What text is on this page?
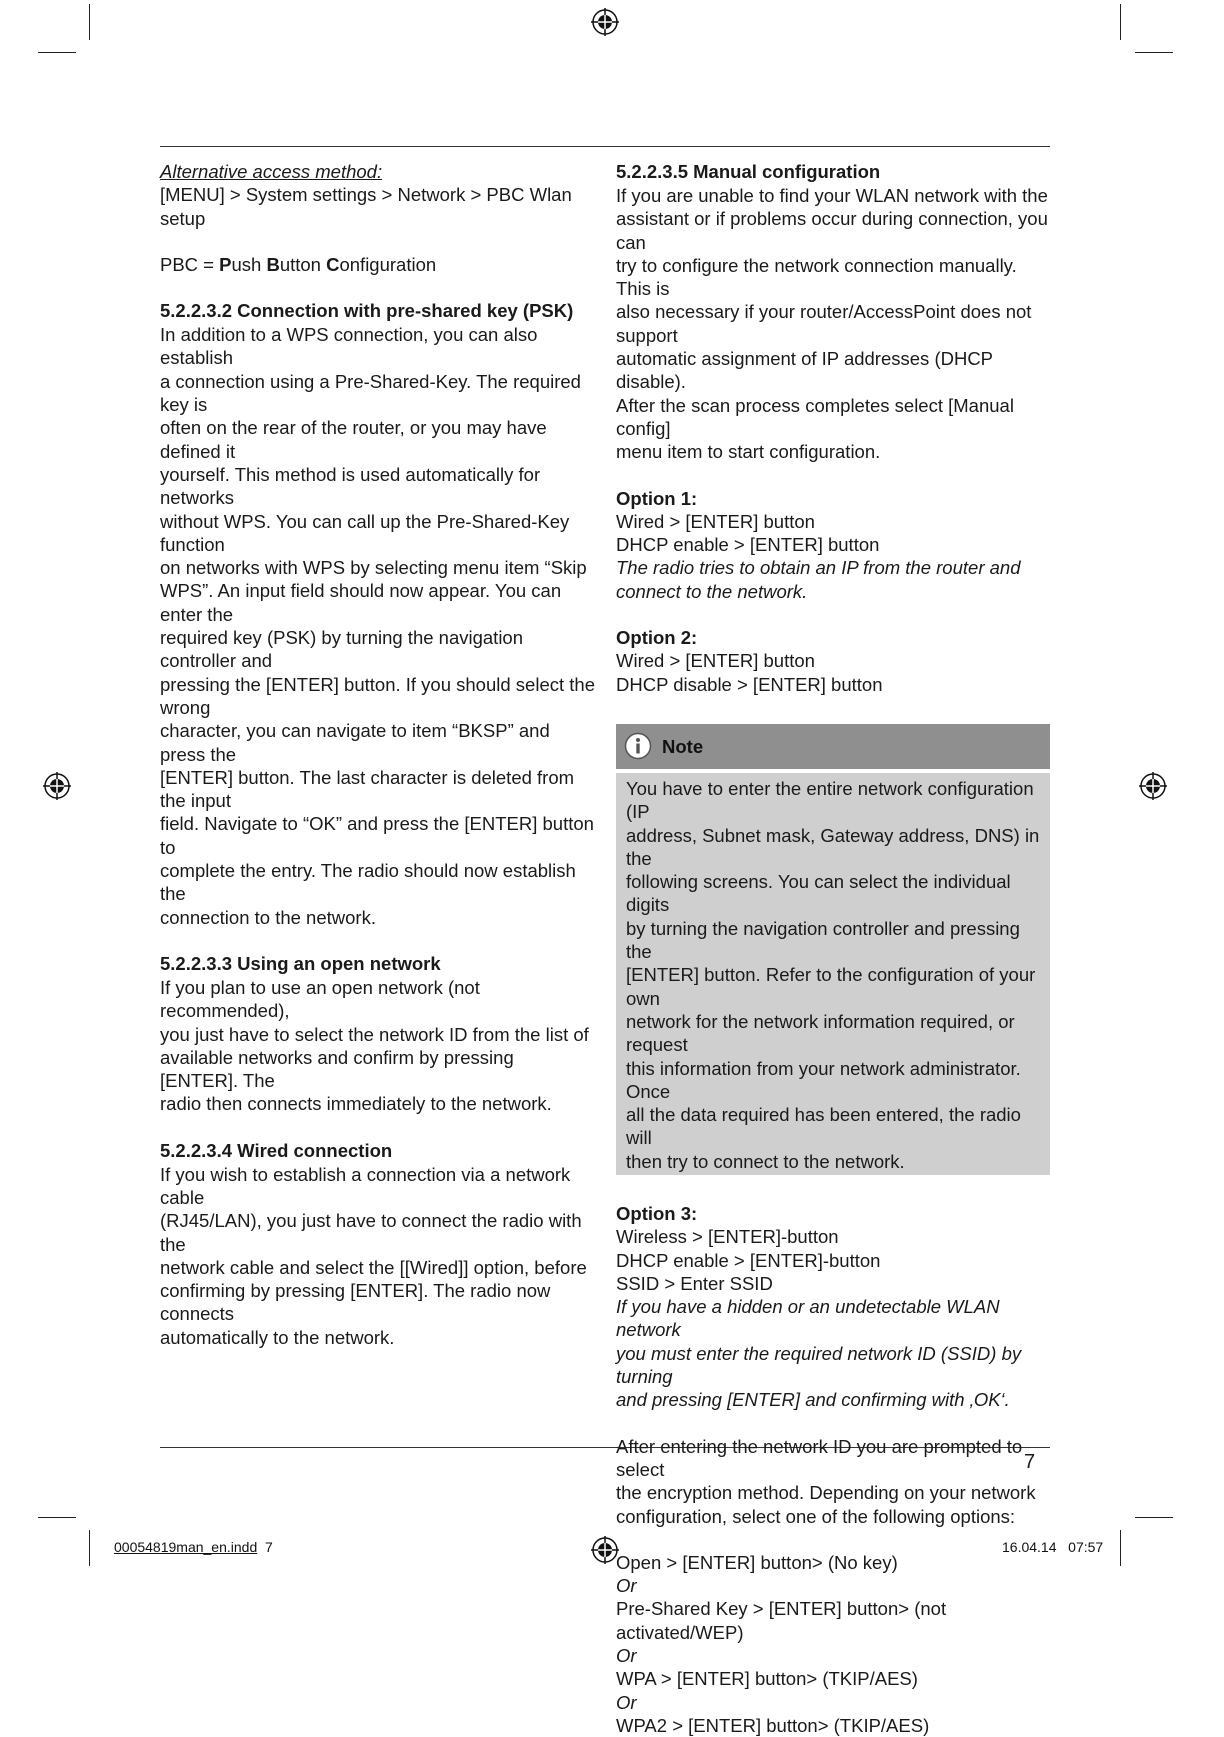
Alternative access method:

[MENU] > System settings > Network > PBC Wlan setup

PBC = Push Button Configuration

5.2.2.3.2 Connection with pre-shared key (PSK)

In addition to a WPS connection, you can also establish

a connection using a Pre-Shared-Key. The required key is

often on the rear of the router, or you may have defined it

yourself. This method is used automatically for networks

without WPS. You can call up the Pre-Shared-Key function

on networks with WPS by selecting menu item “Skip

WPS”. An input field should now appear. You can enter the

required key (PSK) by turning the navigation controller and

pressing the [ENTER] button. If you should select the wrong

character, you can navigate to item “BKSP” and press the

[ENTER] button. The last character is deleted from the input

field. Navigate to “OK” and press the [ENTER] button to

complete the entry. The radio should now establish the

connection to the network.

5.2.2.3.3 Using an open network

If you plan to use an open network (not recommended),

you just have to select the network ID from the list of

available networks and confirm by pressing [ENTER]. The

radio then connects immediately to the network.

5.2.2.3.4 Wired connection

If you wish to establish a connection via a network cable

(RJ45/LAN), you just have to connect the radio with the

network cable and select the [[Wired]] option, before

confirming by pressing [ENTER]. The radio now connects

automatically to the network.

5.2.2.3.5 Manual configuration

If you are unable to find your WLAN network with the

assistant or if problems occur during connection, you can

try to configure the network connection manually. This is

also necessary if your router/AccessPoint does not support

automatic assignment of IP addresses (DHCP disable).

After the scan process completes select [Manual config]

menu item to start configuration.

Option 1:

Wired > [ENTER] button

DHCP enable > [ENTER] button

The radio tries to obtain an IP from the router and

connect to the network.

Option 2:

Wired > [ENTER] button

DHCP disable > [ENTER] button

Note

You have to enter the entire network configuration (IP

address, Subnet mask, Gateway address, DNS) in the

following screens. You can select the individual digits

by turning the navigation controller and pressing the

[ENTER] button. Refer to the configuration of your own

network for the network information required, or request

this information from your network administrator. Once

all the data required has been entered, the radio will

then try to connect to the network.

Option 3:

Wireless > [ENTER]-button

DHCP enable > [ENTER]-button

SSID > Enter SSID

If you have a hidden or an undetectable WLAN network

you must enter the required network ID (SSID) by turning

and pressing [ENTER] and confirming with ‚OK‘.

After entering the network ID you are prompted to select

the encryption method. Depending on your network

configuration, select one of the following options:

Open > [ENTER] button> (No key)

Or

Pre-Shared Key > [ENTER] button> (not activated/WEP)

Or

WPA > [ENTER] button> (TKIP/AES)

Or

WPA2 > [ENTER] button> (TKIP/AES)

7
00054819man_en.indd 7	16.04.14 07:57
